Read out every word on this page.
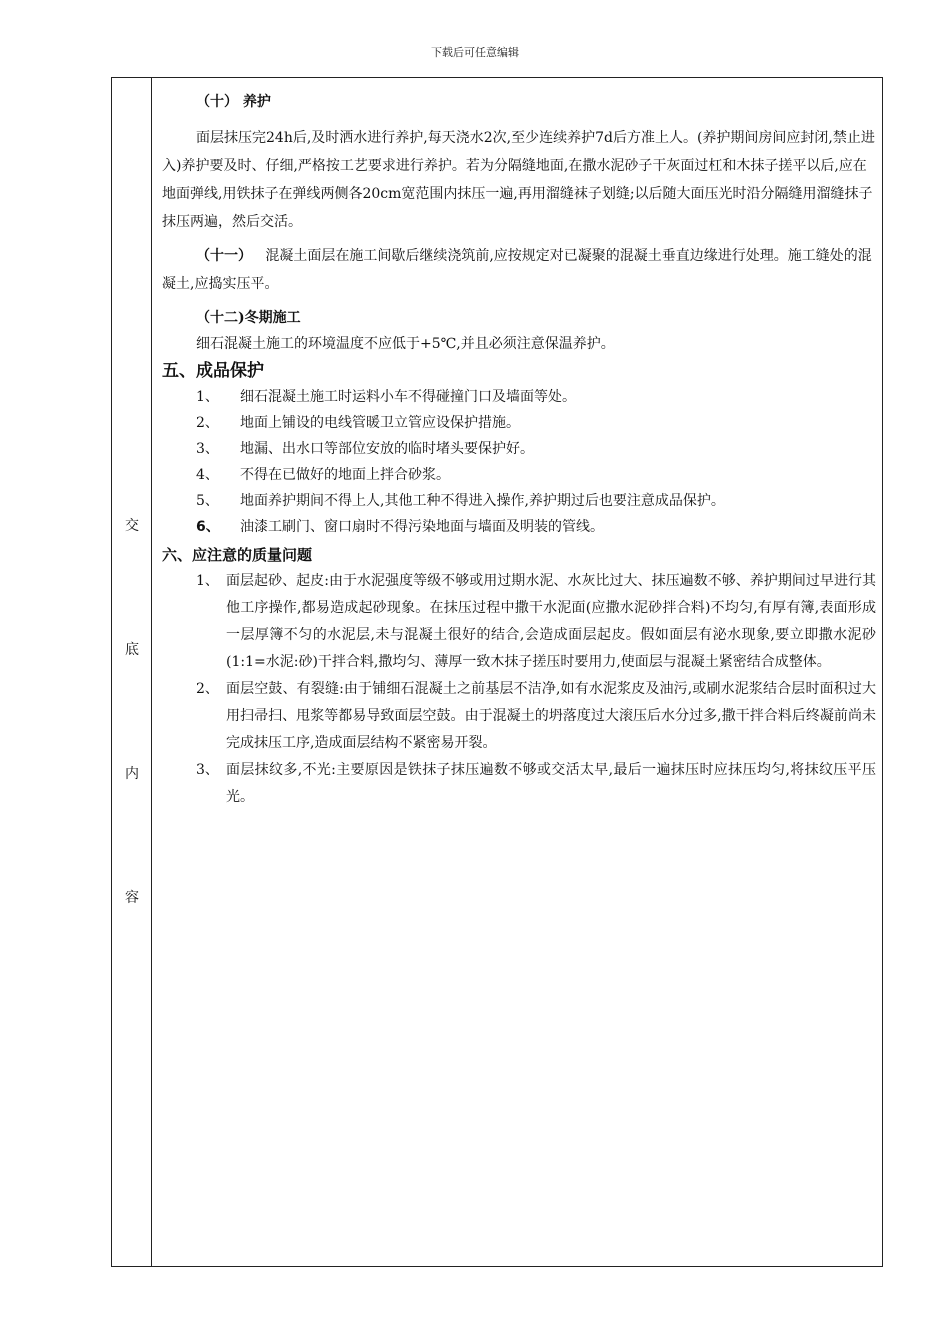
下载后可任意编辑
交
底
内
容

（十） 养护

面层抹压完24h后,及时洒水进行养护,每天浇水2次,至少连续养护7d后方准上人。(养护期间房间应封闭,禁止进入)养护要及时、仔细,严格按工艺要求进行养护。若为分隔缝地面,在撒水泥砂子干灰面过杠和木抹子搓平以后,应在地面弹线,用铁抹子在弹线两侧各20cm宽范围内抹压一遍,再用溜缝袜子划缝;以后随大面压光时沿分隔缝用溜缝抹子抹压两遍，然后交活。

（十一） 混凝土面层在施工间歇后继续浇筑前,应按规定对已凝聚的混凝土垂直边缘进行处理。施工缝处的混凝土,应捣实压平。

（十二)冬期施工

细石混凝土施工的环境温度不应低于+5℃,并且必须注意保温养护。

五、成品保护
1、	细石混凝土施工时运料小车不得碰撞门口及墙面等处。
2、	地面上铺设的电线管暖卫立管应设保护措施。
3、	地漏、出水口等部位安放的临时堵头要保护好。
4、	不得在已做好的地面上拌合砂浆。
5、	地面养护期间不得上人,其他工种不得进入操作,养护期过后也要注意成品保护。
6、	油漆工刷门、窗口扇时不得污染地面与墙面及明装的管线。
六、应注意的质量问题
1、 面层起砂、起皮:由于水泥强度等级不够或用过期水泥、水灰比过大、抹压遍数不够、养护期间过早进行其他工序操作,都易造成起砂现象。在抹压过程中撒干水泥面(应撒水泥砂拌合料)不均匀,有厚有簿,表面形成一层厚簿不匀的水泥层,未与混凝土很好的结合,会造成面层起皮。假如面层有泌水现象,要立即撒水泥砂(1:1=水泥:砂)干拌合料,撒均匀、薄厚一致木抹子搓压时要用力,使面层与混凝土紧密结合成整体。
2、 面层空鼓、有裂缝:由于铺细石混凝土之前基层不洁净,如有水泥浆皮及油污,或刷水泥浆结合层时面积过大用扫帚扫、甩浆等都易导致面层空鼓。由于混凝土的坍落度过大滚压后水分过多,撒干拌合料后终凝前尚未完成抹压工序,造成面层结构不紧密易开裂。
3、 面层抹纹多,不光:主要原因是铁抹子抹压遍数不够或交活太早,最后一遍抹压时应抹压均匀,将抹纹压平压光。
